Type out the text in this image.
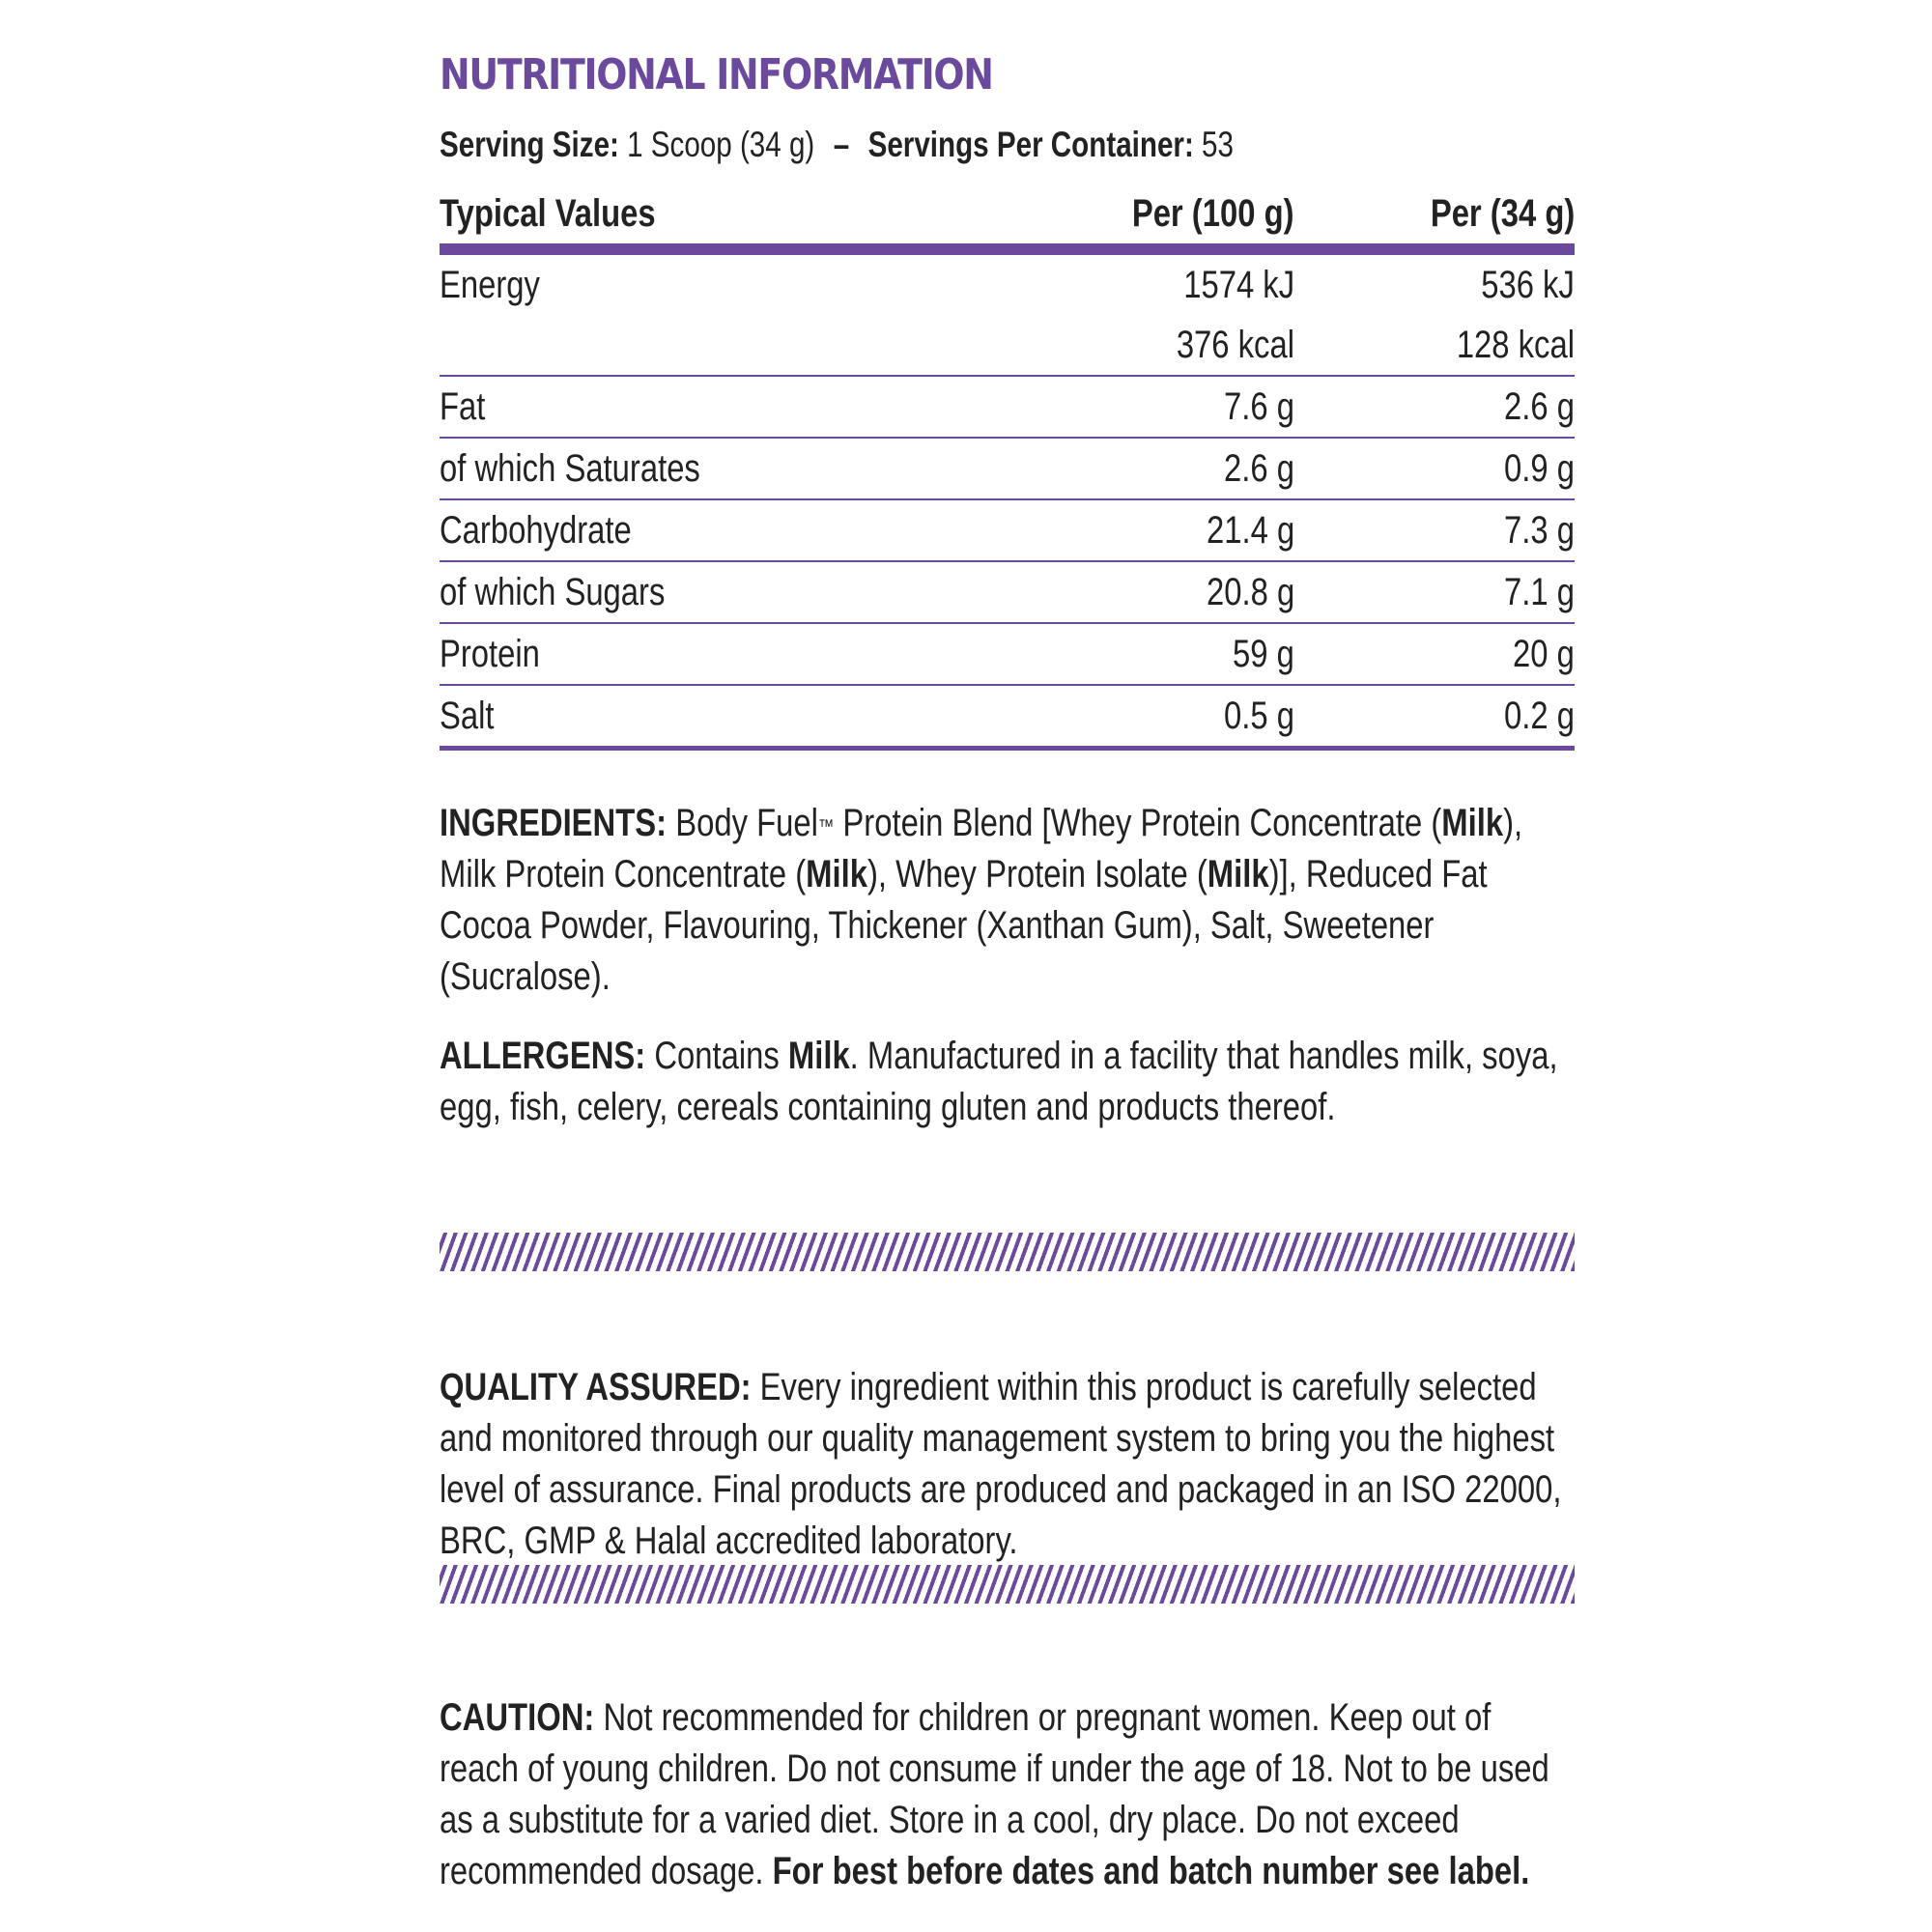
NUTRITIONAL INFORMATION
Serving Size: 1 Scoop (34 g) – Servings Per Container: 53
Typical Values	Per (100 g)	Per (34 g)
Energy	1574 kJ	536 kJ
	376 kcal	128 kcal
Fat	7.6 g	2.6 g
of which Saturates	2.6 g	0.9 g
Carbohydrate	21.4 g	7.3 g
of which Sugars	20.8 g	7.1 g
Protein	59 g	20 g
Salt	0.5 g	0.2 g
INGREDIENTS: Body Fuel™ Protein Blend [Whey Protein Concentrate (Milk), Milk Protein Concentrate (Milk), Whey Protein Isolate (Milk)], Reduced Fat Cocoa Powder, Flavouring, Thickener (Xanthan Gum), Salt, Sweetener (Sucralose).
ALLERGENS: Contains Milk. Manufactured in a facility that handles milk, soya, egg, fish, celery, cereals containing gluten and products thereof.
QUALITY ASSURED: Every ingredient within this product is carefully selected and monitored through our quality management system to bring you the highest level of assurance. Final products are produced and packaged in an ISO 22000, BRC, GMP & Halal accredited laboratory.
CAUTION: Not recommended for children or pregnant women. Keep out of reach of young children. Do not consume if under the age of 18. Not to be used as a substitute for a varied diet. Store in a cool, dry place. Do not exceed recommended dosage. For best before dates and batch number see label.
